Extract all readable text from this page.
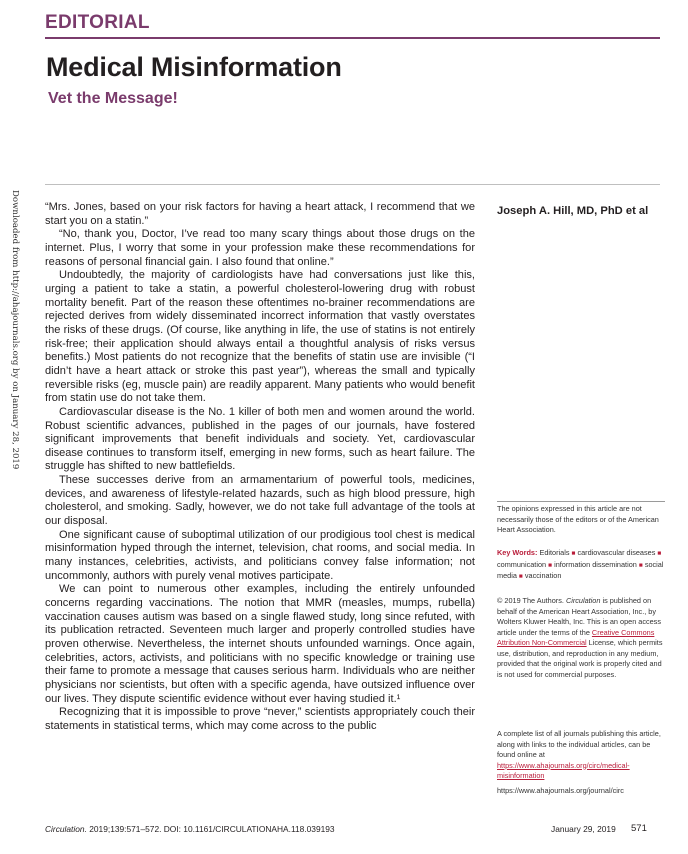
EDITORIAL
Medical Misinformation
Vet the Message!
Downloaded from http://ahajournals.org by on January 28, 2019 “Mrs. Jones, based on your risk factors for having a heart attack, I recommend that we start you on a statin.”

“No, thank you, Doctor, I’ve read too many scary things about those drugs on the internet. Plus, I worry that some in your profession make these recommendations for reasons of personal financial gain. I also found that online.”

Undoubtedly, the majority of cardiologists have had conversations just like this, urging a patient to take a statin, a powerful cholesterol-lowering drug with robust mortality benefit. Part of the reason these oftentimes no-brainer recommendations are rejected derives from widely disseminated incorrect information that vastly overstates the risks of these drugs. (Of course, like anything in life, the use of statins is not entirely risk-free; their application should always entail a thoughtful analysis of risks versus benefits.) Most patients do not recognize that the benefits of statin use are invisible (“I didn’t have a heart attack or stroke this past year”), whereas the small and typically reversible risks (eg, muscle pain) are readily apparent. Many patients who would benefit from statin use do not take them.

Cardiovascular disease is the No. 1 killer of both men and women around the world. Robust scientific advances, published in the pages of our journals, have fostered significant improvements that benefit individuals and society. Yet, cardiovascular disease continues to transform itself, emerging in new forms, such as heart failure. The struggle has shifted to new battlefields.

These successes derive from an armamentarium of powerful tools, medicines, devices, and awareness of lifestyle-related hazards, such as high blood pressure, high cholesterol, and smoking. Sadly, however, we do not take full advantage of the tools at our disposal.

One significant cause of suboptimal utilization of our prodigious tool chest is medical misinformation hyped through the internet, television, chat rooms, and social media. In many instances, celebrities, activists, and politicians convey false information; not uncommonly, authors with purely venal motives participate.

We can point to numerous other examples, including the entirely unfounded concerns regarding vaccinations. The notion that MMR (measles, mumps, rubella) vaccination causes autism was based on a single flawed study, long since refuted, with its publication retracted. Seventeen much larger and properly controlled studies have proven otherwise. Nevertheless, the internet shouts unfounded warnings. Once again, celebrities, actors, activists, and politicians with no specific knowledge or training use their fame to promote a message that causes serious harm. Individuals who are neither physicians nor scientists, but often with a specific agenda, have outsized influence over our lives. They dispute scientific evidence without ever having studied it.¹

Recognizing that it is impossible to prove “never,” scientists appropriately couch their statements in statistical terms, which may come across to the public

Joseph A. Hill, MD, PhD et al
The opinions expressed in this article are not necessarily those of the editors or of the American Heart Association.
Key Words: Editorials ■ cardiovascular diseases ■ communication ■ information dissemination ■ social media ■ vaccination
© 2019 The Authors. Circulation is published on behalf of the American Heart Association, Inc., by Wolters Kluwer Health, Inc. This is an open access article under the terms of the Creative Commons Attribution Non-Commercial License, which permits use, distribution, and reproduction in any medium, provided that the original work is properly cited and is not used for commercial purposes.
A complete list of all journals publishing this article, along with links to the individual articles, can be found online at https://www.ahajournals.org/circ/medical-misinformation
https://www.ahajournals.org/journal/circ
Circulation. 2019;139:571–572. DOI: 10.1161/CIRCULATIONAHA.118.039193	January 29, 2019 571
